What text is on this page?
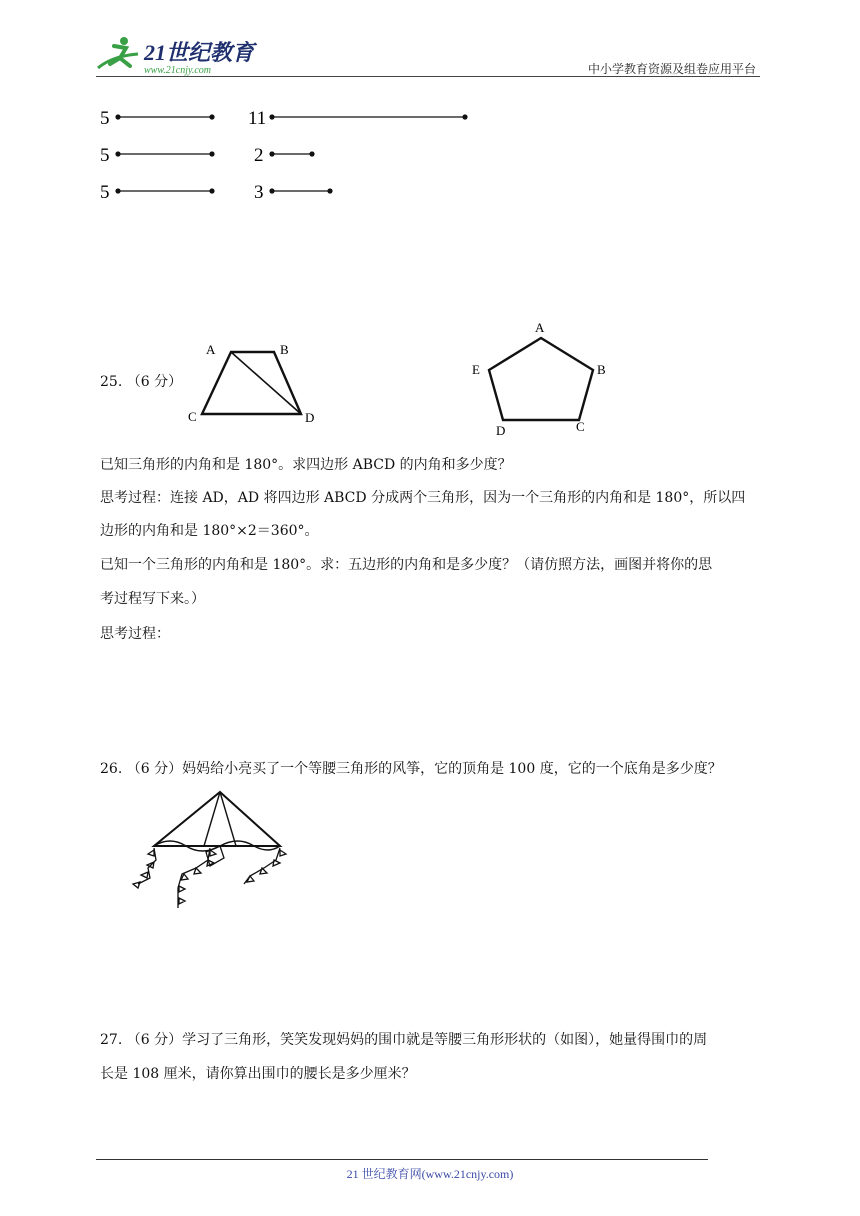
21世纪教育
www.21cnjy.com	中小学教育资源及组卷应用平台
5	11
5	2
5	3
25. （6 分）
A	B
C	D
A
B
C
D
E
已知三角形的内角和是 180°。求四边形 ABCD 的内角和多少度？
思考过程：连接 AD，AD 将四边形 ABCD 分成两个三角形，因为一个三角形的内角和是 180°，所以四
边形的内角和是 180°×2＝360°。
已知一个三角形的内角和是 180°。求：五边形的内角和是多少度？（请仿照方法，画图并将你的思
考过程写下来。）
思考过程：
26. （6 分）妈妈给小亮买了一个等腰三角形的风筝，它的顶角是 100 度，它的一个底角是多少度？
27. （6 分）学习了三角形，笑笑发现妈妈的围巾就是等腰三角形形状的（如图），她量得围巾的周
长是 108 厘米，请你算出围巾的腰长是多少厘米？
21 世纪教育网(www.21cnjy.com)
